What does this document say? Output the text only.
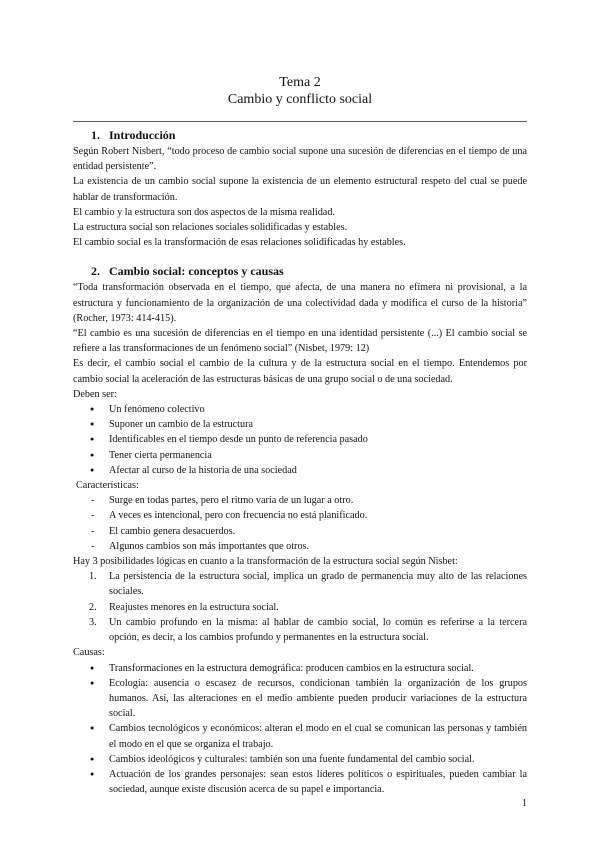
Tema 2
Cambio y conflicto social
1. Introducción

Según Robert Nisbert, “todo proceso de cambio social supone una sucesión de diferencias en el tiempo de una entidad persistente”.

La existencia de un cambio social supone la existencia de un elemento estructural respeto del cual se puede hablar de transformación.

El cambio y la estructura son dos aspectos de la misma realidad.

La estructura social son relaciones sociales solidificadas y estables.

El cambio social es la transformación de esas relaciones solidificadas hy estables.

2. Cambio social: conceptos y causas

“Toda transformación observada en el tiempo, que afecta, de una manera no efímera ni provisional, a la estructura y funcionamiento de la organización de una colectividad dada y modifica el curso de la historia” (Rocher, 1973: 414-415).

“El cambio es una sucesión de diferencias en el tiempo en una identidad persistente (...) El cambio social se refiere a las transformaciones de un fenómeno social” (Nisbet, 1979: 12)

Es decir, el cambio social el cambio de la cultura y de la estructura social en el tiempo. Entendemos por cambio social la aceleración de las estructuras básicas de una grupo social o de una sociedad.

Deben ser:

● Un fenómeno colectivo
● Suponer un cambio de la estructura
● Identificables en el tiempo desde un punto de referencia pasado
● Tener cierta permanencia
● Afectar al curso de la historia de una sociedad

Características:

- Surge en todas partes, pero el ritmo varía de un lugar a otro.
- A veces es intencional, pero con frecuencia no está planificado.
- El cambio genera desacuerdos.
- Algunos cambios son más importantes que otros.

Hay 3 posibilidades lógicas en cuanto a la transformación de la estructura social según Nisbet:

La persistencia de la estructura social, implica un grado de permanencia muy alto de las relaciones sociales.
Reajustes menores en la estructura social.
Un cambio profundo en la misma: al hablar de cambio social, lo común es referirse a la tercera opción, es decir, a los cambios profundo y permanentes en la estructura social.

Causas:

● Transformaciones en la estructura demográfica: producen cambios en la estructura social.
● Ecología: ausencia o escasez de recursos, condicionan también la organización de los grupos humanos. Así, las alteraciones en el medio ambiente pueden producir variaciones de la estructura social.
● Cambios tecnológicos y económicos: alteran el modo en el cual se comunican las personas y también el modo en el que se organiza el trabajo.
● Cambios ideológicos y culturales: también son una fuente fundamental del cambio social.
● Actuación de los grandes personajes: sean estos líderes políticos o espirituales, pueden cambiar la sociedad, aunque existe discusión acerca de su papel e importancia.
1
